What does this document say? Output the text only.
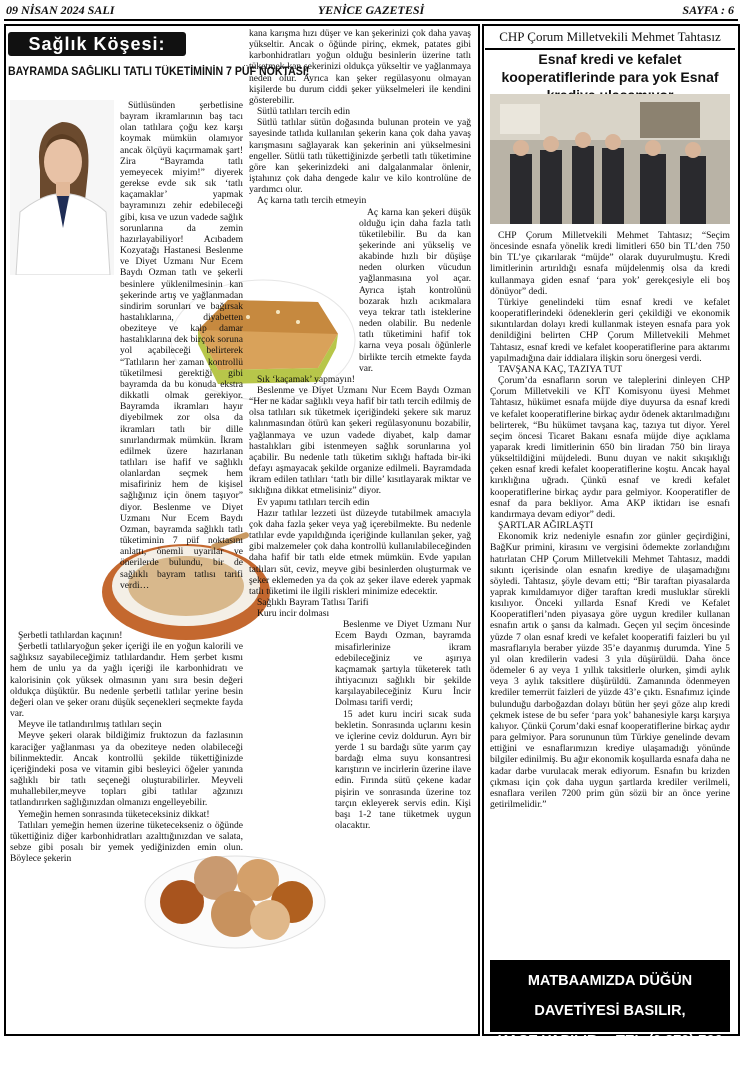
09 NİSAN 2024 SALI	YENİCE GAZETESİ	SAYFA : 6
Sağlık Köşesi:
BAYRAMDA SAĞLIKLI TATLI TÜKETİMİNİN 7 PÜF NOKTASI!

Sütlüsünden şerbetlisine bayram ikramlarının baş tacı olan tatlılara çoğu kez karşı koymak mümkün olamıyor ancak ölçüyü kaçırmamak şart! Zira “Bayramda tatlı yemeyecek miyim!” diyerek gerekse evde sık sık ‘tatlı kaçamaklar’ yapmak bayramınızı zehir edebileceği gibi, kısa ve uzun vadede sağlık sorunlarına da zemin hazırlayabiliyor! Acıbadem Kozyatağı Hastanesi Beslenme ve Diyet Uzmanı Nur Ecem Baydı Ozman tatlı ve şekerli besinlere yüklenilmesinin kan şekerinde artış ve yağlanmadan sindirim sorunları ve bağırsak hastalıklarına, diyabetten obeziteye ve kalp damar hastalıklarına dek birçok soruna yol açabileceği belirterek “Tatlıların her zaman kontrollü tüketilmesi gerektiği gibi bayramda da bu konuda ekstra dikkatli olmak gerekiyor. Bayramda ikramları hayır diyebilmek zor olsa da ikramları tatlı bir dille sınırlandırmak mümkün. İkram edilmek üzere hazırlanan tatlıları ise hafif ve sağlıklı olanlardan seçmek hem misafiriniz hem de kişisel sağlığınız için önem taşıyor” diyor. Beslenme ve Diyet Uzmanı Nur Ecem Baydı Ozman, bayramda sağlıklı tatlı tüketiminin 7 püf noktasını anlattı, önemli uyarılar ve önerilerde bulundu, bir de sağlıklı bayram tatlısı tarifi verdi…

Şerbetli tatlılardan kaçının!

Şerbetli tatlılaryoğun şeker içeriği ile en yoğun kalorili ve sağlıksız sayabileceğimiz tatlılardandır. Hem şerbet kısmı hem de unlu ya da yağlı içeriği ile karbonhidratı ve kalorisinin çok yüksek olmasının yanı sıra besin değeri oldukça düşüktür. Bu nedenle şerbetli tatlılar yerine besin değeri olan ve şeker oranı düşük seçenekleri seçmekte fayda var.

Meyve ile tatlandırılmış tatlıları seçin

Meyve şekeri olarak bildiğimiz fruktozun da fazlasının karaciğer yağlanması ya da obeziteye neden olabileceği bilinmektedir. Ancak kontrollü şekilde tükettiğinizde içeriğindeki posa ve vitamin gibi besleyici öğeler yanında sağlıklı bir tatlı seçeneği oluşturabilirler. Meyveli muhallebiler,meyve topları gibi tatlılar ağzınızı tatlandırırken sağlığınızdan olmanızı engelleyebilir.

Yemeğin hemen sonrasında tüketeceksiniz dikkat!

Tatlıları yemeğin hemen üzerine tüketecekseniz o öğünde tükettiğiniz diğer karbonhidratları azalttığınızdan ve salata, sebze gibi posalı bir yemek yediğinizden emin olun. Böylece şekerin

kana karışma hızı düşer ve kan şekerinizi çok daha yavaş yükseltir. Ancak o öğünde pirinç, ekmek, patates gibi karbonhidratları yoğun olduğu besinlerin üzerine tatlı tüketmek kan şekerinizi oldukça yükseltir ve yağlanmaya neden olur. Ayrıca kan şeker regülasyonu olmayan kişilerde bu durum ciddi şeker yükselmeleri ile kendini gösterebilir.

Sütlü tatlıları tercih edin

Sütlü tatlılar sütün doğasında bulunan protein ve yağ sayesinde tatlıda kullanılan şekerin kana çok daha yavaş karışmasını sağlayarak kan şekerinin ani yükselmesini engeller. Sütlü tatlı tükettiğinizde şerbetli tatlı tüketimine göre kan şekerinizdeki ani dalgalanmalar önlenir, iştahınız çok daha dengede kalır ve kilo kontrolüne de yardımcı olur.

Aç karna tatlı tercih etmeyin

Aç karna kan şekeri düşük olduğu için daha fazla tatlı tüketilebilir. Bu da kan şekerinde ani yükseliş ve akabinde hızlı bir düşüşe neden olurken vücudun yağlanmasına yol açar. Ayrıca iştah kontrolünü bozarak hızlı acıkmalara veya tekrar tatlı isteklerine neden olabilir. Bu nedenle tatlı tüketimini hafif tok karna veya posalı öğünlerle birlikte tercih etmekte fayda var.

Sık ‘kaçamak’ yapmayın!

Beslenme ve Diyet Uzmanı Nur Ecem Baydı Ozman “Her ne kadar sağlıklı veya hafif bir tatlı tercih edilmiş de olsa tatlıları sık tüketmek içeriğindeki şekere sık maruz kalınmasından ötürü kan şekeri regülasyonunu bozabilir, yağlanmaya ve uzun vadede diyabet, kalp damar hastalıkları gibi istenmeyen sağlık sorunlarına yol açabilir. Bu nedenle tatlı tüketim sıklığı haftada bir-iki defayı aşmayacak şekilde organize edilmeli. Bayramdada ikram edilen tatlıları ‘tatlı bir dille’ kısıtlayarak miktar ve sıklığına dikkat etmelisiniz” diyor.

Ev yapımı tatlıları tercih edin

Hazır tatlılar lezzeti üst düzeyde tutabilmek amacıyla çok daha fazla şeker veya yağ içerebilmekte. Bu nedenle tatlılar evde yapıldığında içeriğinde kullanılan şeker, yağ gibi malzemeler çok daha kontrollü kullanılabileceğinden daha hafif bir tatlı elde etmek mümkün. Evde yapılan tatlıları süt, ceviz, meyve gibi besinlerden oluşturmak ve şeker eklemeden ya da çok az şeker ilave ederek yapmak tatlı tüketimi ile ilgili riskleri minimize edecektir.

Sağlıklı Bayram Tatlısı Tarifi

Kuru incir dolması

Beslenme ve Diyet Uzmanı Nur Ecem Baydı Ozman, bayramda misafirlerinize ikram edebileceğiniz ve aşırıya kaçmamak şartıyla tüketerek tatlı ihtiyacınızı sağlıklı bir şekilde karşılayabileceğiniz Kuru İncir Dolması tarifi verdi;

15 adet kuru inciri sıcak suda bekletin. Sonrasında uçlarını kesin ve içlerine ceviz doldurun. Ayrı bir yerde 1 su bardağı süte yarım çay bardağı elma suyu konsantresi karıştırın ve incirlerin üzerine ilave edin. Fırında sütü çekene kadar pişirin ve sonrasında üzerine toz tarçın ekleyerek servis edin. Kişi başı 1-2 tane tüketmek uygun olacaktır.

CHP Çorum Milletvekili Mehmet Tahtasız
Esnaf kredi ve kefalet kooperatiflerinde para yok Esnaf

CHP Çorum Milletvekili Mehmet Tahtasız; “Seçim öncesinde esnafa yönelik kredi limitleri 650 bin TL’den 750 bin TL’ye çıkarılarak “müjde” olarak duyurulmuştu. Kredi limitlerinin artırıldığı esnafa müjdelenmiş olsa da kredi kullanmaya giden esnaf ‘para yok’ gerekçesiyle eli boş dönüyor” dedi.

Türkiye genelindeki tüm esnaf kredi ve kefalet kooperatiflerindeki ödeneklerin geri çekildiği ve ekonomik sıkıntılardan dolayı kredi kullanmak isteyen esnafa para yok denildiğini belirten CHP Çorum Milletvekili Mehmet Tahtasız, esnaf kredi ve kefalet kooperatiflerine para aktarımı yapılmadığına dair iddialara ilişkin soru önergesi verdi.

TAVŞANA KAÇ, TAZIYA TUT

Çorum’da esnafların sorun ve taleplerini dinleyen CHP Çorum Milletvekili ve KİT Komisyonu üyesi Mehmet Tahtasız, hükümet esnafa müjde diye duyursa da esnaf kredi ve kefalet kooperatiflerine birkaç aydır ödenek aktarılmadığını belirterek, “Bu hükümet tavşana kaç, tazıya tut diyor. Yerel seçim öncesi Ticaret Bakanı esnafa müjde diye açıklama yaparak kredi limitlerinin 650 bin liradan 750 bin liraya yükseltildiğini müjdeledi. Bunu duyan ve nakit sıkışıklığı çeken esnaf kredi kefalet kooperatiflerine koştu. Ancak hayal kırıklığına uğradı. Çünkü esnaf ve kredi kefalet kooperatiflerine birkaç aydır para gelmiyor. Kooperatifler de esnaf da para bekliyor. Ama AKP iktidarı ise esnafı kandırmaya devam ediyor” dedi.

ŞARTLAR AĞIRLAŞTI

Ekonomik kriz nedeniyle esnafın zor günler geçirdiğini, BağKur primini, kirasını ve vergisini ödemekte zorlandığını hatırlatan CHP Çorum Milletvekili Mehmet Tahtasız, maddi sıkıntı içerisinde olan esnafın krediye de ulaşamadığını söyledi. Tahtasız, şöyle devam etti; “Bir taraftan piyasalarda yaprak kımıldamıyor diğer taraftan kredi musluklar sürekli kısılıyor. Önceki yıllarda Esnaf Kredi ve Kefalet Kooperatifleri’nden piyasaya göre uygun krediler kullanan esnafın artık o şansı da kalmadı. Geçen yıl seçim öncesinde yüzde 7 olan esnaf kredi ve kefalet kooperatifi faizleri bu yıl masraflarıyla beraber yüzde 35’e dayanmış durumda. Yine 5 yıl olan kredilerin vadesi 3 yıla düşürüldü. Daha önce ödemeler 6 ay veya 1 yıllık taksitlerle olurken, şimdi aylık veya 3 aylık taksitlere düşürüldü. Zamanında ödenmeyen krediler temerrüt faizleri de yüzde 43’e çıktı. Esnafımız içinde bulunduğu darboğazdan dolayı bütün her şeyi göze alıp kredi çekmek istese de bu sefer ‘para yok’ bahanesiyle karşı karşıya kalıyor. Çünkü Çorum’daki esnaf kooperatiflerine birkaç aydır para gelmiyor. Para sorununun tüm Türkiye genelinde devam ettiğini ve esnaflarımızın krediye ulaşamadığı yönünde bilgiler edinilmiş. Bu ağır ekonomik koşullarda esnafa daha ne kadar darbe vurulacak merak ediyorum. Esnafın bu krizden çıkması için çok daha uygun şartlarda krediler verilmeli, esnaflara verilen 7200 prim gün sözü bir an önce yerine getirilmelidir.”

MATBAAMIZDA DÜĞÜN DAVETİYESİ BASILIR,
KAŞE YAPILIR… TEL:(0.370) 766 12 02
